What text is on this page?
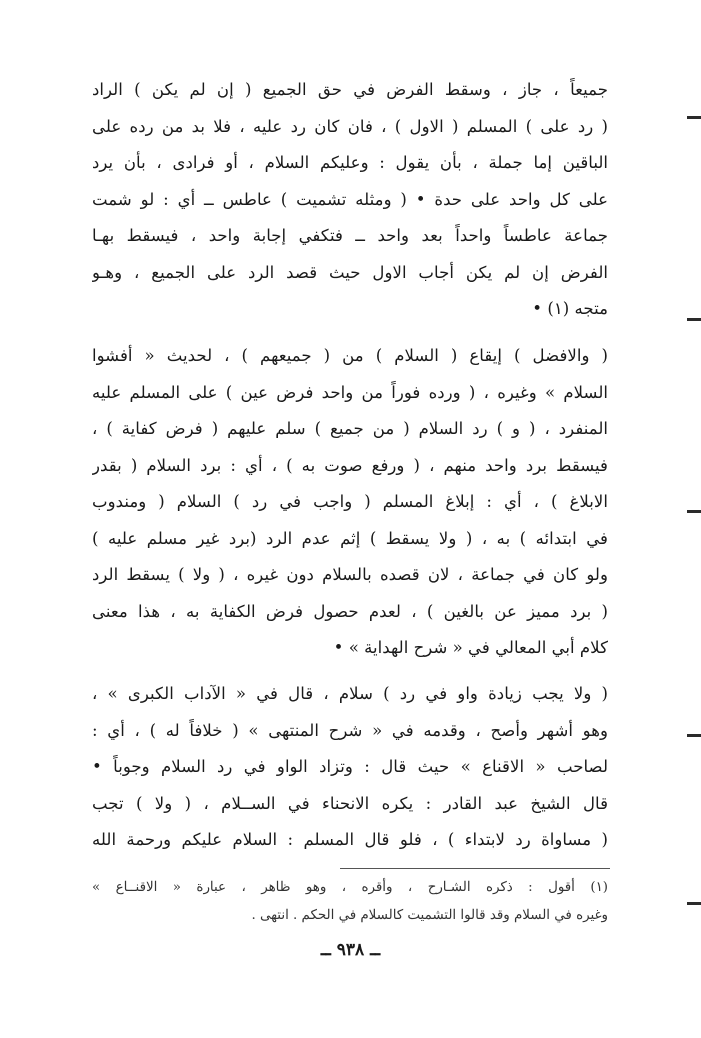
جميعاً ، جاز ، وسقط الفرض في حق الجميع ( إن لم يكن ) الراد
( رد على ) المسلم ( الاول ) ، فان كان رد عليه ، فلا بد من رده على
الباقين إما جملة ، بأن يقول : وعليكم السلام ، أو فرادى ، بأن يرد
على كل واحد على حدة • ( ومثله تشميت ) عاطس ــ أي : لو شمت
جماعة عاطساً واحداً بعد واحد ــ فتكفي إجابة واحد ، فيسقط بهـا
الفرض إن لم يكن أجاب الاول حيث قصد الرد على الجميع ، وهـو
متجه (١) •
( والافضل ) إيقاع ( السلام ) من ( جميعهم ) ، لحديث « أفشوا
السلام » وغيره ، ( ورده فوراً من واحد فرض عين ) على المسلم عليه
المنفرد ، ( و ) رد السلام ( من جميع ) سلم عليهم ( فرض كفاية ) ،
فيسقط برد واحد منهم ، ( ورفع صوت به ) ، أي : برد السلام ( بقدر
الابلاغ ) ، أي : إبلاغ المسلم ( واجب في رد ) السلام ( ومندوب
في ابتدائه ) به ، ( ولا يسقط ) إثم عدم الرد (برد غير مسلم عليه )
ولو كان في جماعة ، لان قصده بالسلام دون غيره ، ( ولا ) يسقط الرد
( برد مميز عن بالغين ) ، لعدم حصول فرض الكفاية به ، هذا معنى
كلام أبي المعالي في « شرح الهداية » •
( ولا يجب زيادة واو في رد ) سلام ، قال في « الآداب الكبرى » ،
وهو أشهر وأصح ، وقدمه في « شرح المنتهى » ( خلافاً له ) ، أي :
لصاحب « الاقناع » حيث قال : وتزاد الواو في رد السلام وجوباً •
قال الشيخ عبد القادر : يكره الانحناء في الســلام ، ( ولا ) تجب
( مساواة رد لابتداء ) ، فلو قال المسلم : السلام عليكم ورحمة الله
(١) أقول : ذكره الشـارح ، وأقره ، وهو ظاهر ، عبارة « الاقنــاع »
وغيره في السلام وقد قالوا التشميت كالسلام في الحكم . انتهى .
ــ ٩٣٨ ــ
